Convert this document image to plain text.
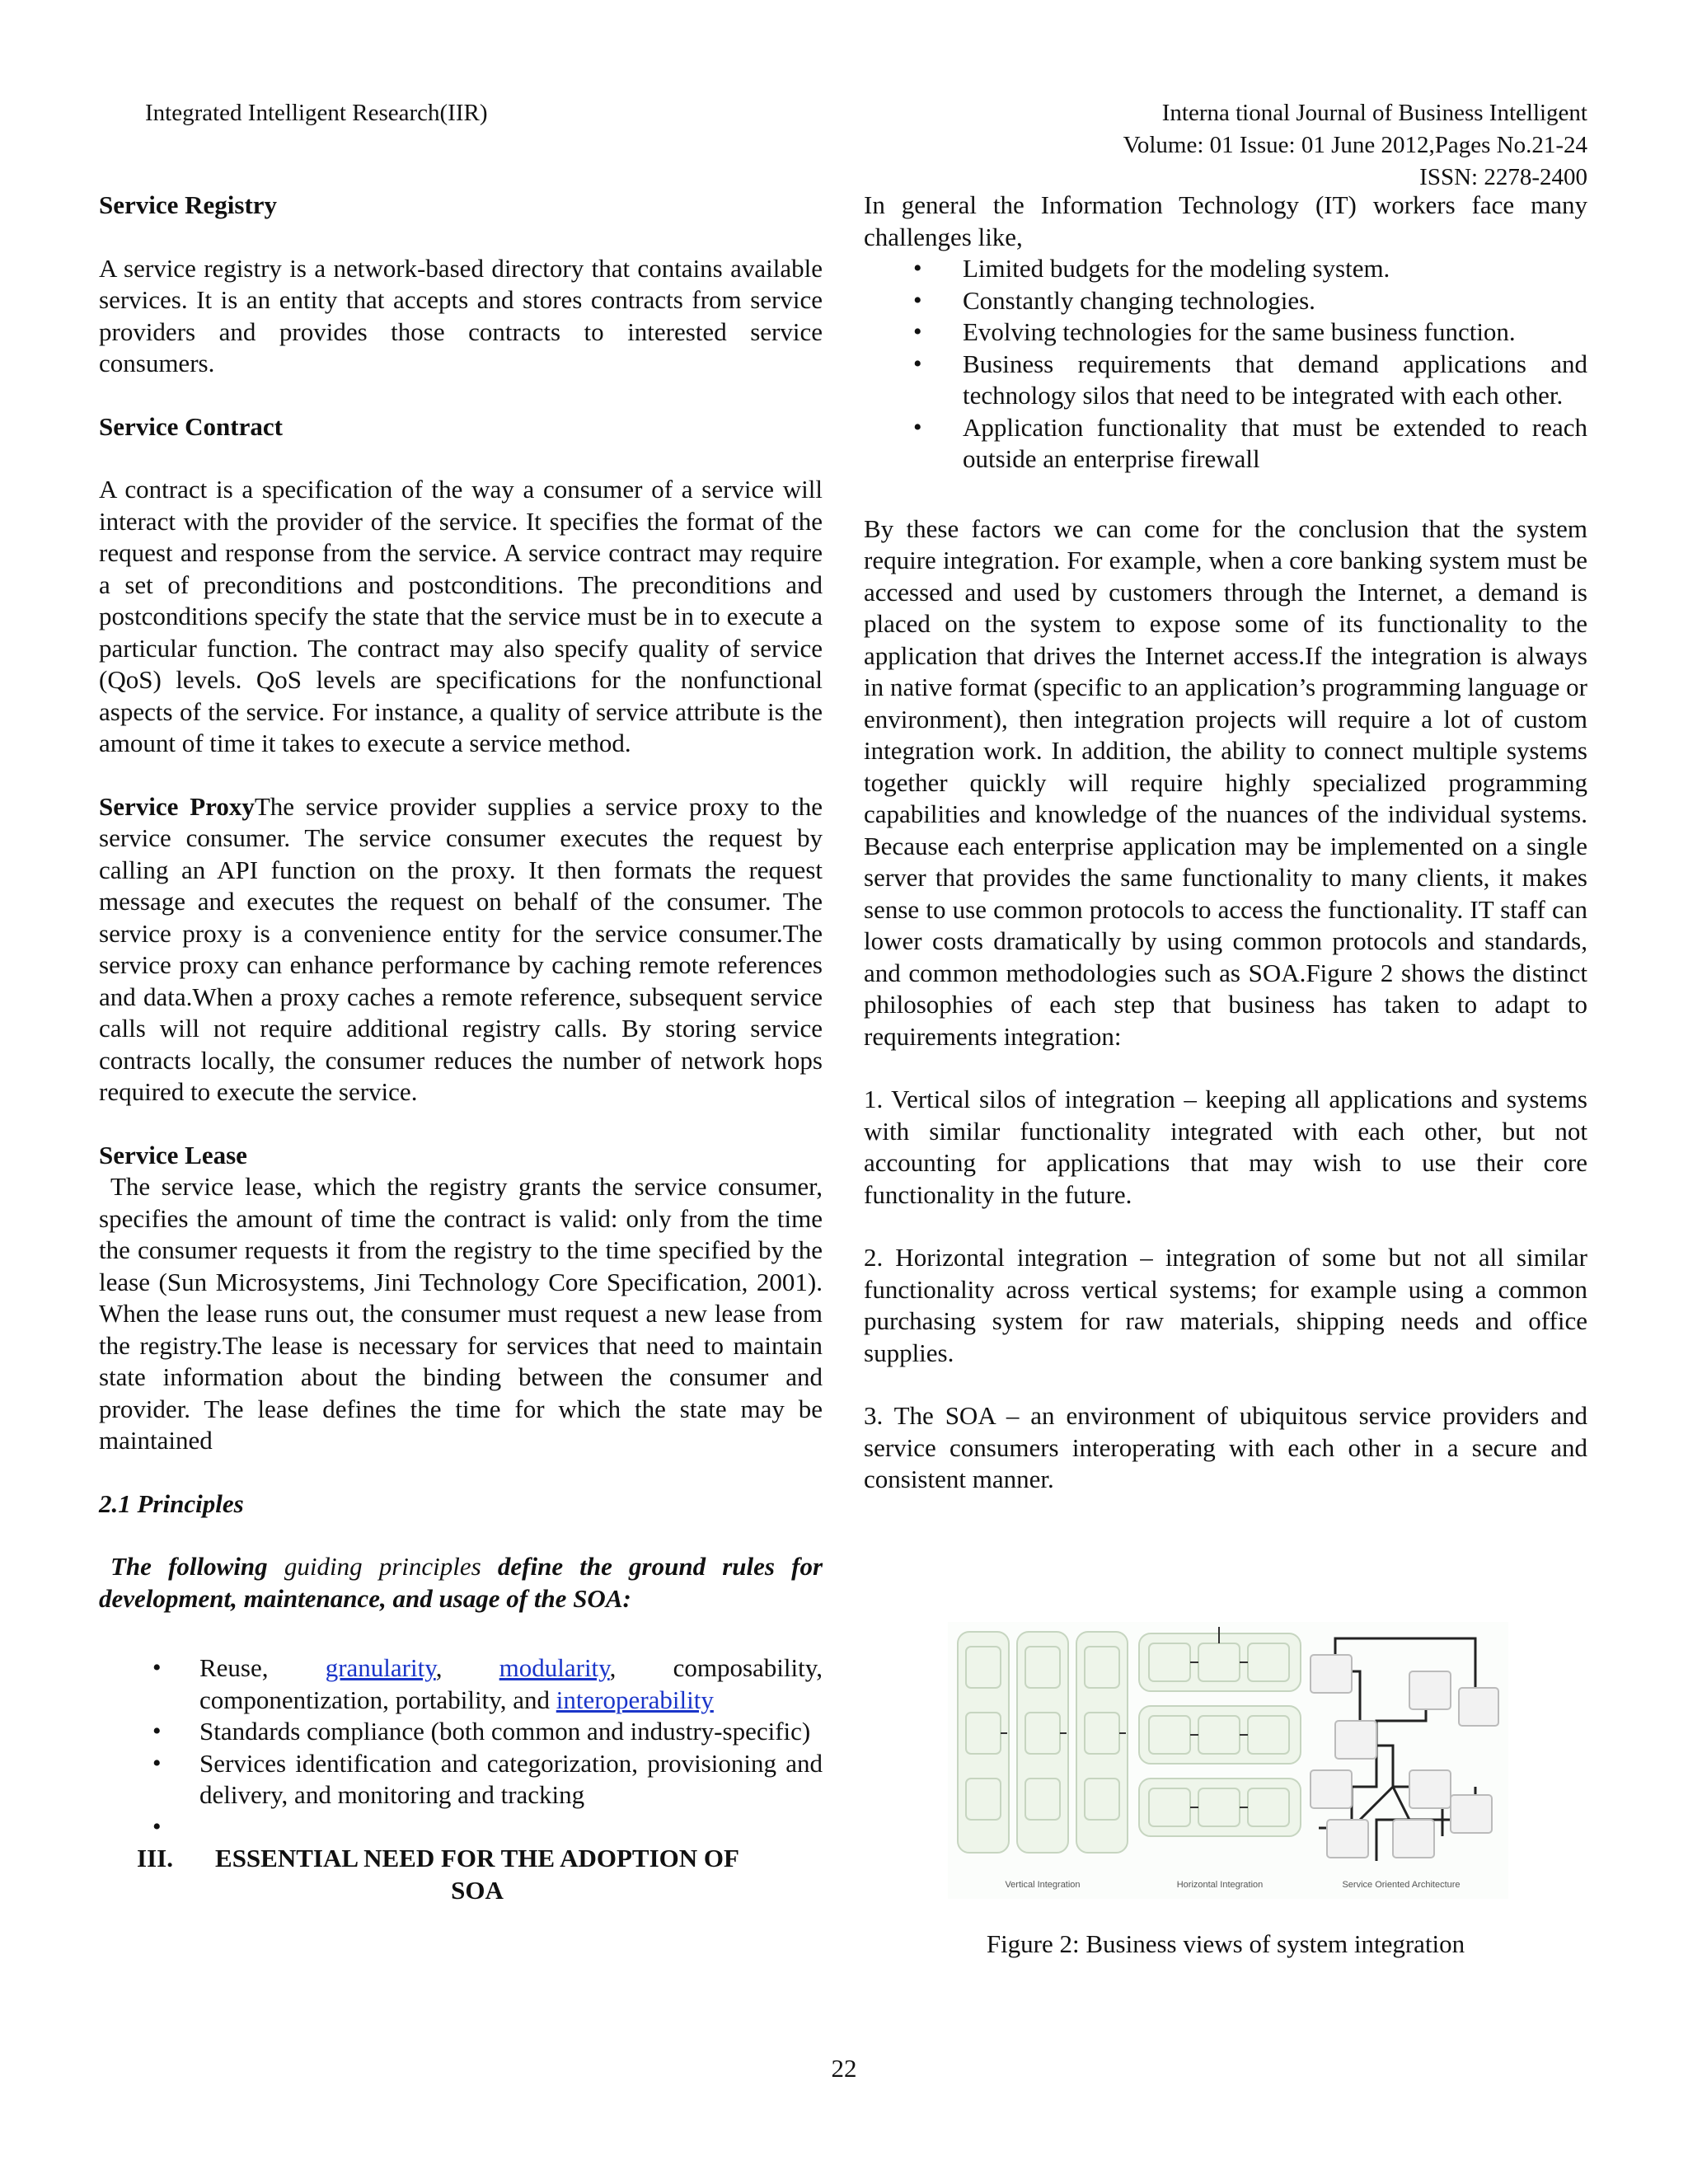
Integrated Intelligent Research(IIR)	Interna tional Journal of Business Intelligent
Volume: 01 Issue: 01 June 2012,Pages No.21-24
ISSN: 2278-2400

Service Registry

A service registry is a network-based directory that contains available services. It is an entity that accepts and stores contracts from service providers and provides those contracts to interested service consumers.

Service Contract

A contract is a specification of the way a consumer of a service will interact with the provider of the service. It specifies the format of the request and response from the service. A service contract may require a set of preconditions and postconditions. The preconditions and postconditions specify the state that the service must be in to execute a particular function. The contract may also specify quality of service (QoS) levels. QoS levels are specifications for the nonfunctional aspects of the service. For instance, a quality of service attribute is the amount of time it takes to execute a service method.

Service ProxyThe service provider supplies a service proxy to the service consumer. The service consumer executes the request by calling an API function on the proxy. It then formats the request message and executes the request on behalf of the consumer. The service proxy is a convenience entity for the service consumer.The service proxy can enhance performance by caching remote references and data.When a proxy caches a remote reference, subsequent service calls will not require additional registry calls. By storing service contracts locally, the consumer reduces the number of network hops required to execute the service.

Service Lease

The service lease, which the registry grants the service consumer, specifies the amount of time the contract is valid: only from the time the consumer requests it from the registry to the time specified by the lease (Sun Microsystems, Jini Technology Core Specification, 2001). When the lease runs out, the consumer must request a new lease from the registry.The lease is necessary for services that need to maintain state information about the binding between the consumer and provider. The lease defines the time for which the state may be maintained

2.1 Principles

The following guiding principles define the ground rules for development, maintenance, and usage of the SOA:

• Reuse, granularity, modularity, composability, componentization, portability, and interoperability
• Standards compliance (both common and industry-specific)
• Services identification and categorization, provisioning and delivery, and monitoring and tracking
•
III.	ESSENTIAL NEED FOR THE ADOPTION OF
SOA

In general the Information Technology (IT) workers face many challenges like,

• Limited budgets for the modeling system.
• Constantly changing technologies.
• Evolving technologies for the same business function.
• Business requirements that demand applications and technology silos that need to be integrated with each other.
• Application functionality that must be extended to reach outside an enterprise firewall

By these factors we can come for the conclusion that the system require integration. For example, when a core banking system must be accessed and used by customers through the Internet, a demand is placed on the system to expose some of its functionality to the application that drives the Internet access.If the integration is always in native format (specific to an application’s programming language or environment), then integration projects will require a lot of custom integration work. In addition, the ability to connect multiple systems together quickly will require highly specialized programming capabilities and knowledge of the nuances of the individual systems. Because each enterprise application may be implemented on a single server that provides the same functionality to many clients, it makes sense to use common protocols to access the functionality. IT staff can lower costs dramatically by using common protocols and standards, and common methodologies such as SOA.Figure 2 shows the distinct philosophies of each step that business has taken to adapt to requirements integration:

1. Vertical silos of integration – keeping all applications and systems with similar functionality integrated with each other, but not accounting for applications that may wish to use their core functionality in the future.

2. Horizontal integration – integration of some but not all similar functionality across vertical systems; for example using a common purchasing system for raw materials, shipping needs and office supplies.

3. The SOA – an environment of ubiquitous service providers and service consumers interoperating with each other in a secure and consistent manner.

Vertical Integration	Horizontal Integration	Service Oriented Architecture
Figure 2: Business views of system integration
22
